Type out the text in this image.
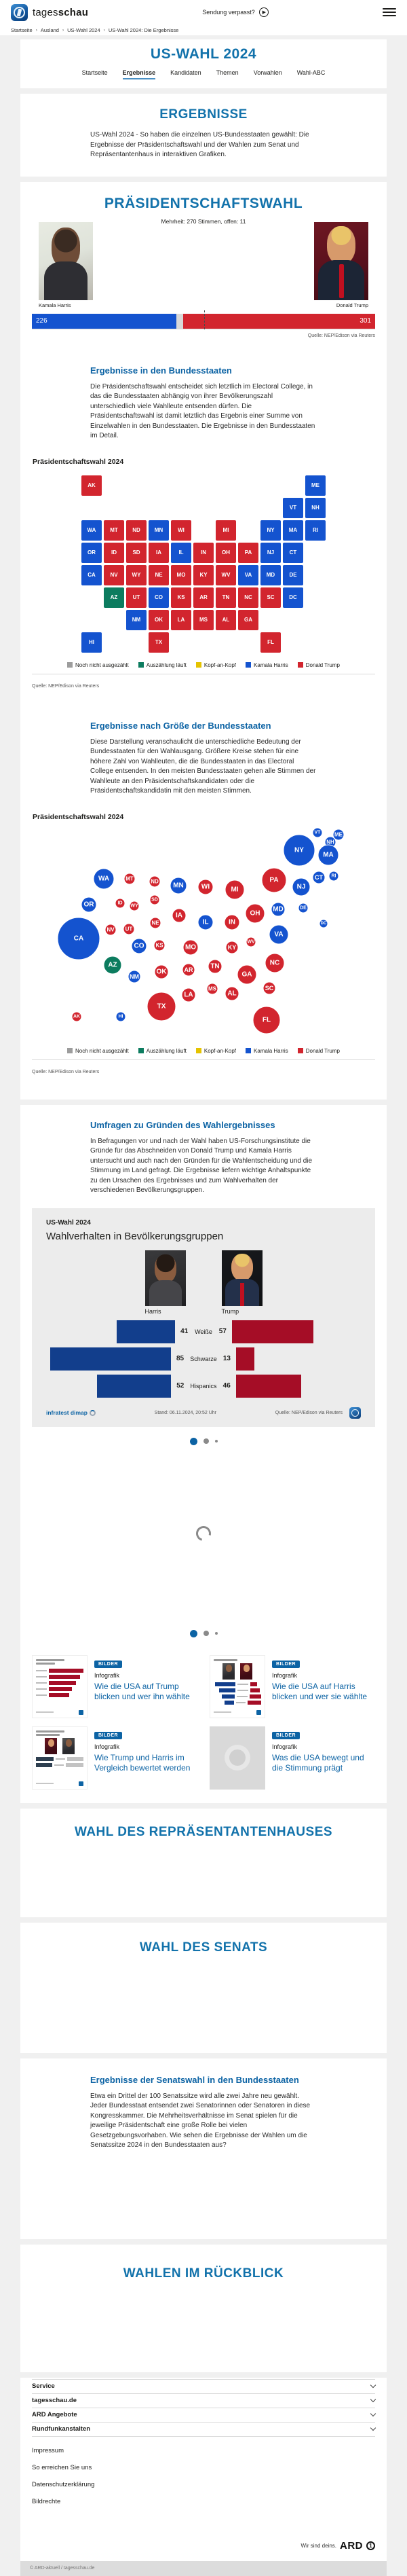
tagesschau	Sendung verpasst?	▶
Startseite › Ausland › US-Wahl 2024 › US-Wahl 2024: Die Ergebnisse
US-WAHL 2024
Startseite Ergebnisse Kandidaten Themen Vorwahlen Wahl-ABC
ERGEBNISSE

US-Wahl 2024 - So haben die einzelnen US-Bundesstaaten gewählt: Die Ergebnisse der Präsidentschaftswahl und der Wahlen zum Senat und Repräsentantenhaus in interaktiven Grafiken.

PRÄSIDENTSCHAFTSWAHL
Mehrheit: 270 Stimmen, offen: 11
Kamala Harris	Donald Trump
226	301
Quelle: NEP/Edison via Reuters
Ergebnisse in den Bundesstaaten

Die Präsidentschaftswahl entscheidet sich letztlich im Electoral College, in das die Bundesstaaten abhängig von ihrer Bevölkerungszahl unterschiedlich viele Wahlleute entsenden dürfen. Die Präsidentschaftswahl ist damit letztlich das Ergebnis einer Summe von Einzelwahlen in den Bundesstaaten. Die Ergebnisse in den Bundesstaaten im Detail.

Präsidentschaftswahl 2024
AK	ME
VT	NH
WA	MT	ND	MN	WI	MI	NY	MA	RI
OR	ID	SD	IA	IL	IN	OH	PA	NJ	CT
CA	NV	WY	NE	MO	KY	WV	VA	MD	DE
AZ	UT	CO	KS	AR	TN	NC	SC	DC
NM	OK	LA	MS	AL	GA
HI	TX	FL
Noch nicht ausgezählt	Auszählung läuft	Kopf-an-Kopf	Kamala Harris	Donald Trump
Quelle: NEP/Edison via Reuters
Ergebnisse nach Größe der Bundesstaaten

Diese Darstellung veranschaulicht die unterschiedliche Bedeutung der Bundesstaaten für den Wahlausgang. Größere Kreise stehen für eine höhere Zahl von Wahlleuten, die die Bundesstaaten in das Electoral College entsenden. In den meisten Bundesstaaten gehen alle Stimmen der Wahlleute an den Präsidentschaftskandidaten oder die Präsidentschaftskandidatin mit den meisten Stimmen.

Präsidentschaftswahl 2024
NY
VT
NH
ME
MA
WA	MT	ND
MN	WI	MI
PA
NJ
CT RI
OR	ID
WY
SD
IA
NE	IL	IN
OH
MD	DE
DC
VA
WV
CA
NV UT
CO KS	MO	KY
AZ
NM
OK	AR	TN	NC
GA
SC
MS
AL
LA
TX
AK	HI	FL
Noch nicht ausgezählt	Auszählung läuft	Kopf-an-Kopf	Kamala Harris	Donald Trump
Quelle: NEP/Edison via Reuters
Umfragen zu Gründen des Wahlergebnisses

In Befragungen vor und nach der Wahl haben US-Forschungsinstitute die Gründe für das Abschneiden von Donald Trump und Kamala Harris untersucht und auch nach den Gründen für die Wahlentscheidung und die Stimmung im Land gefragt. Die Ergebnisse liefern wichtige Anhaltspunkte zu den Ursachen des Ergebnisses und zum Wahlverhalten der verschiedenen Bevölkerungsgruppen.

US-Wahl 2024
Wahlverhalten in Bevölkerungsgruppen
Harris	Trump
41	Weiße 57
85	Schwarze 13
52	Hispanics 46
infratest dimap	Stand: 06.11.2024, 20:52 Uhr	Quelle: NEP/Edison via Reuters
BILDER
Infografik
Wie die USA auf Trump blicken und wer ihn wählte
BILDER
Infografik
Wie die USA auf Harris blicken und wer sie wählte
BILDER
Infografik
Wie Trump und Harris im Vergleich bewertet werden
BILDER
Infografik
Was die USA bewegt und die Stimmung prägt
WAHL DES REPRÄSENTANTENHAUSES
WAHL DES SENATS
Ergebnisse der Senatswahl in den Bundesstaaten

Etwa ein Drittel der 100 Senatssitze wird alle zwei Jahre neu gewählt. Jeder Bundesstaat entsendet zwei Senatorinnen oder Senatoren in diese Kongresskammer. Die Mehrheitsverhältnisse im Senat spielen für die jeweilige Präsidentschaft eine große Rolle bei vielen Gesetzgebungsvorhaben. Wie sehen die Ergebnisse der Wahlen um die Senatssitze 2024 in den Bundesstaaten aus?

WAHLEN IM RÜCKBLICK
Service
tagesschau.de
ARD Angebote
Rundfunkanstalten
Impressum
So erreichen Sie uns
Datenschutzerklärung
Bildrechte
Wir sind deins. ARD	1
© ARD-aktuell / tagesschau.de
